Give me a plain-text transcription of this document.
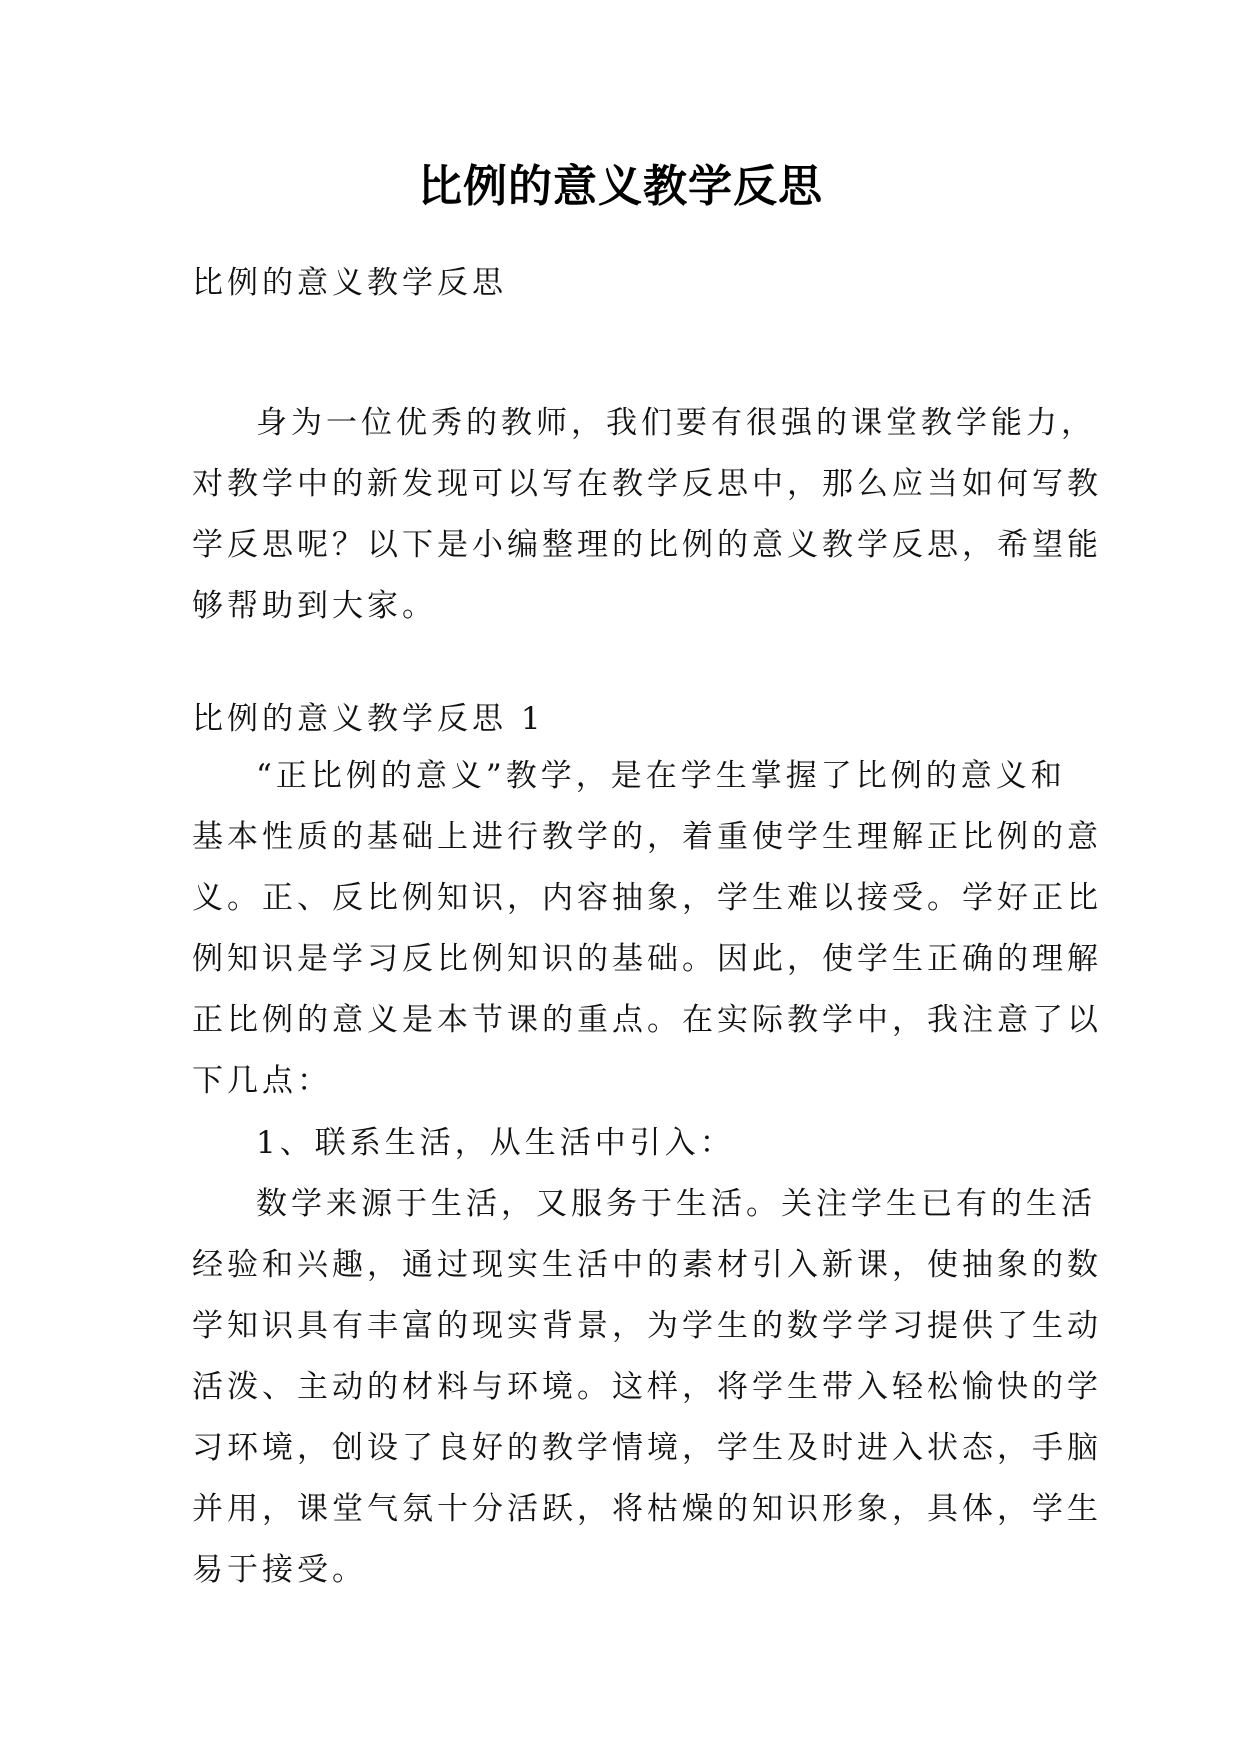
比例的意义教学反思
比例的意义教学反思
身为一位优秀的教师，我们要有很强的课堂教学能力，
对教学中的新发现可以写在教学反思中，那么应当如何写教
学反思呢？以下是小编整理的比例的意义教学反思，希望能
够帮助到大家。
比例的意义教学反思 1
“正比例的意义”教学，是在学生掌握了比例的意义和
基本性质的基础上进行教学的，着重使学生理解正比例的意
义。正、反比例知识，内容抽象，学生难以接受。学好正比
例知识是学习反比例知识的基础。因此，使学生正确的理解
正比例的意义是本节课的重点。在实际教学中，我注意了以
下几点：
1、联系生活，从生活中引入：
数学来源于生活，又服务于生活。关注学生已有的生活
经验和兴趣，通过现实生活中的素材引入新课，使抽象的数
学知识具有丰富的现实背景，为学生的数学学习提供了生动
活泼、主动的材料与环境。这样，将学生带入轻松愉快的学
习环境，创设了良好的教学情境，学生及时进入状态，手脑
并用，课堂气氛十分活跃，将枯燥的知识形象，具体，学生
易于接受。
